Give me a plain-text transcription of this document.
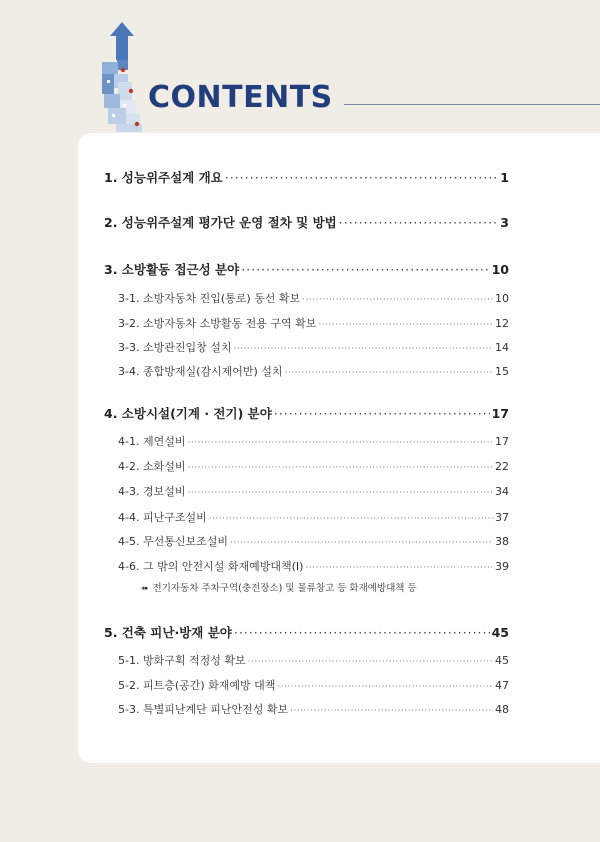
CONTENTS
1. 성능위주설계 개요 ·····	1
2. 성능위주설계 평가단 운영 절차 및 방법 ·····	3
3. 소방활동 접근성 분야 ·····	10
3-1. 소방자동차 진입(통로) 동선 확보 ·····	10
3-2. 소방자동차 소방활동 전용 구역 확보 ·····	12
3-3. 소방관진입창 설치 ·····	14
3-4. 종합방재실(감시제어반) 설치 ·····	15
4. 소방시설(기계 · 전기) 분야 ·····	17
4-1. 제연설비 ·····	17
4-2. 소화설비 ·····	22
4-3. 경보설비 ·····	34
4-4. 피난구조설비 ·····	37
4-5. 무선통신보조설비 ·····	38
4-6. 그 밖의 안전시설 화재예방대책(Ⅰ) ·····	39
➠ 전기자동차 주차구역(충전장소) 및 물류창고 등 화재예방대책 등
5. 건축 피난·방재 분야 ·····	45
5-1. 방화구획 적정성 확보 ·····	45
5-2. 피트층(공간) 화재예방 대책 ·····	47
5-3. 특별피난계단 피난안전성 확보 ·····	48
